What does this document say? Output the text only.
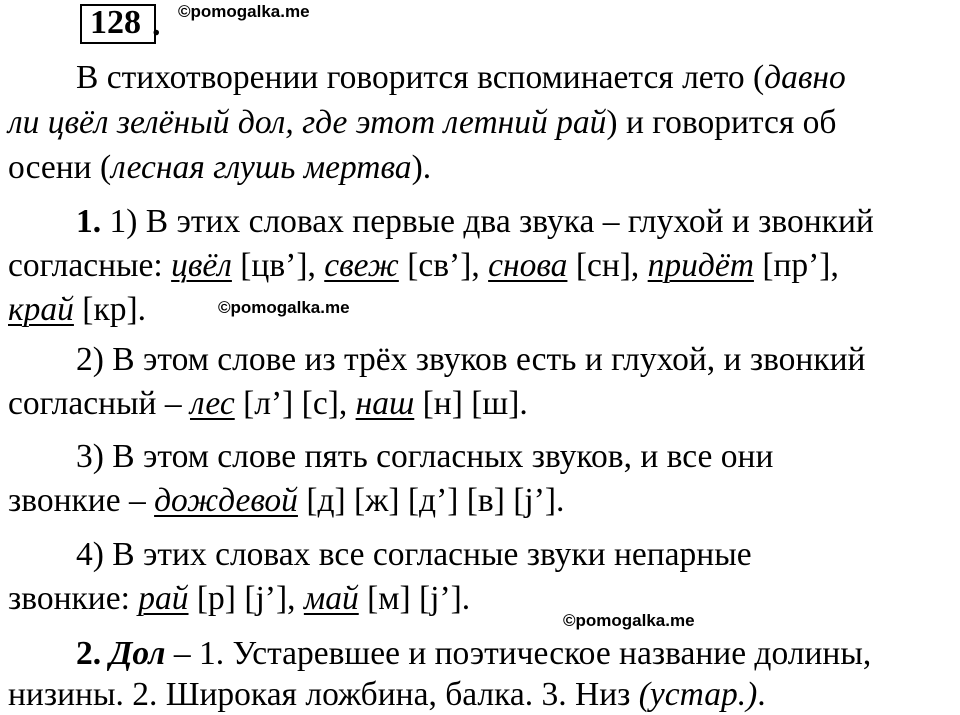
128 . ©pomogalka.me
В стихотворении говорится вспоминается лето (давно
ли цвёл зелёный дол, где этот летний рай) и говорится об
осени (лесная глушь мертва).
1. 1) В этих словах первые два звука – глухой и звонкий
согласные: цвёл [цв’], свеж [св’], снова [сн], придёт [пр’],
край [кр].	©pomogalka.me
2) В этом слове из трёх звуков есть и глухой, и звонкий
согласный – лес [л’] [с], наш [н] [ш].
3) В этом слове пять согласных звуков, и все они
звонкие – дождевой [д] [ж] [д’] [в] [j’].
4) В этих словах все согласные звуки непарные
звонкие: рай [р] [j’], май [м] [j’].
©pomogalka.me
2. Дол – 1. Устаревшее и поэтическое название долины,
низины. 2. Широкая ложбина, балка. 3. Низ (устар.).
